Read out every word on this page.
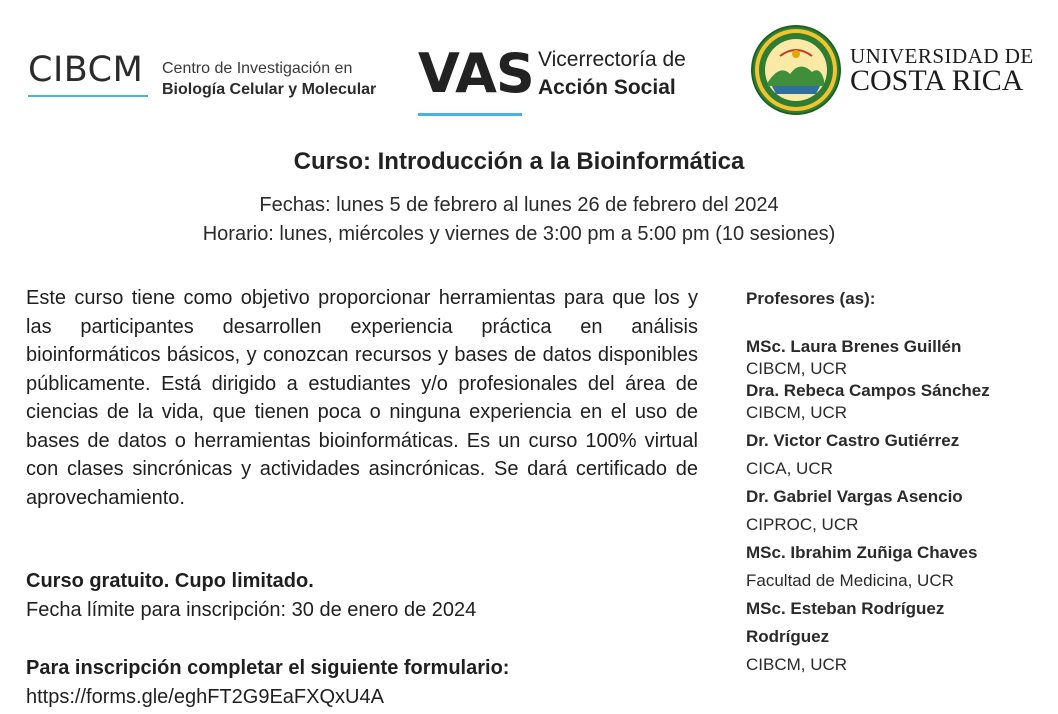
CIBCM Centro de Investigación en
Biología Celular y Molecular VAS Vicerrectoría de
Acción Social
UNIVERSIDAD DE
COSTA RICA
Curso: Introducción a la Bioinformática
Fechas: lunes 5 de febrero al lunes 26 de febrero del 2024
Horario: lunes, miércoles y viernes de 3:00 pm a 5:00 pm (10 sesiones)
Este curso tiene como objetivo proporcionar herramientas para que los y las participantes desarrollen experiencia práctica en análisis bioinformáticos básicos, y conozcan recursos y bases de datos disponibles públicamente. Está dirigido a estudiantes y/o profesionales del área de ciencias de la vida, que tienen poca o ninguna experiencia en el uso de bases de datos o herramientas bioinformáticas. Es un curso 100% virtual con clases sincrónicas y actividades asincrónicas. Se dará certificado de aprovechamiento.
Curso gratuito. Cupo limitado.
Fecha límite para inscripción: 30 de enero de 2024
Para inscripción completar el siguiente formulario:
https://forms.gle/eghFT2G9EaFXQxU4A
Profesores (as):
MSc. Laura Brenes Guillén
CIBCM, UCR
Dra. Rebeca Campos Sánchez
CIBCM, UCR
Dr. Victor Castro Gutiérrez
CICA, UCR
Dr. Gabriel Vargas Asencio
CIPROC, UCR
MSc. Ibrahim Zuñiga Chaves
Facultad de Medicina, UCR
MSc. Esteban Rodríguez
Rodríguez
CIBCM, UCR
